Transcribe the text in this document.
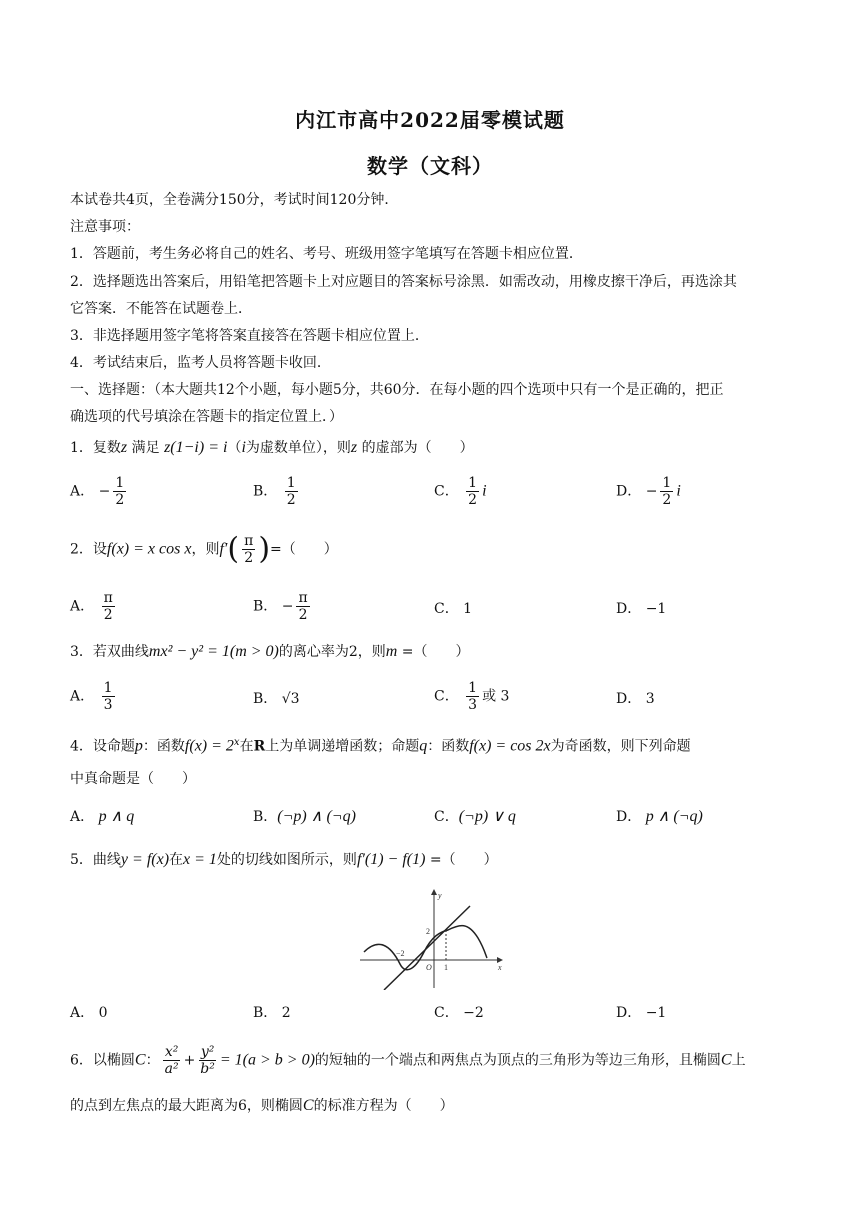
内江市高中2022届零模试题
数学（文科）
本试卷共4页，全卷满分150分，考试时间120分钟．
注意事项：
1．答题前，考生务必将自己的姓名、考号、班级用签字笔填写在答题卡相应位置．
2．选择题选出答案后，用铅笔把答题卡上对应题目的答案标号涂黑．如需改动，用橡皮擦干净后，再选涂其
它答案．不能答在试题卷上．
3．非选择题用签字笔将答案直接答在答题卡相应位置上．
4．考试结束后，监考人员将答题卡收回．
一、选择题：（本大题共12个小题，每小题5分，共60分．在每小题的四个选项中只有一个是正确的，把正
确选项的代号填涂在答题卡的指定位置上．）
1．复数z 满足 z(1−i) = i（i为虚数单位），则z 的虚部为（　　）
A． − $\frac{1}{2}$	B． $\frac{1}{2}$	C． $\frac{1}{2}$ i	D． − $\frac{1}{2}$ i
2．设f(x) = x cos x，则$f'( \frac{\pi}{2}$ )=（　　）
A． $\frac{\pi}{2}$	B． − $\frac{\pi}{2}$	C． 1	D． −1
3．若双曲线mx² − y² = 1(m > 0)的离心率为2，则m =（　　）
A． $\frac{1}{3}$	B． √3	C． $\frac{1}{3}$ 或 3	D． 3
4．设命题p：函数$f(x) = 2^x$在R上为单调递增函数；命题q：函数f(x) = cos 2x为奇函数，则下列命题
中真命题是（　　）
A． p ∧ q	B．(¬p) ∧ (¬q)	C．(¬p) ∨ q	D． p ∧ (¬q)
5．曲线y = f(x)在x = 1处的切线如图所示，则f′(1) − f(1) =（　　）
y
x
O 1
2
−2
A． 0	B． 2	C． −2	D． −1
6．以椭圆C： $\frac{\text{x²}}{\text{a²}} + \frac{\text{y²}}{\text{b²}} = 1(a > b > 0)$的短轴的一个端点和两焦点为顶点的三角形为等边三角形，且椭圆C上
的点到左焦点的最大距离为6，则椭圆C的标准方程为（　　）
